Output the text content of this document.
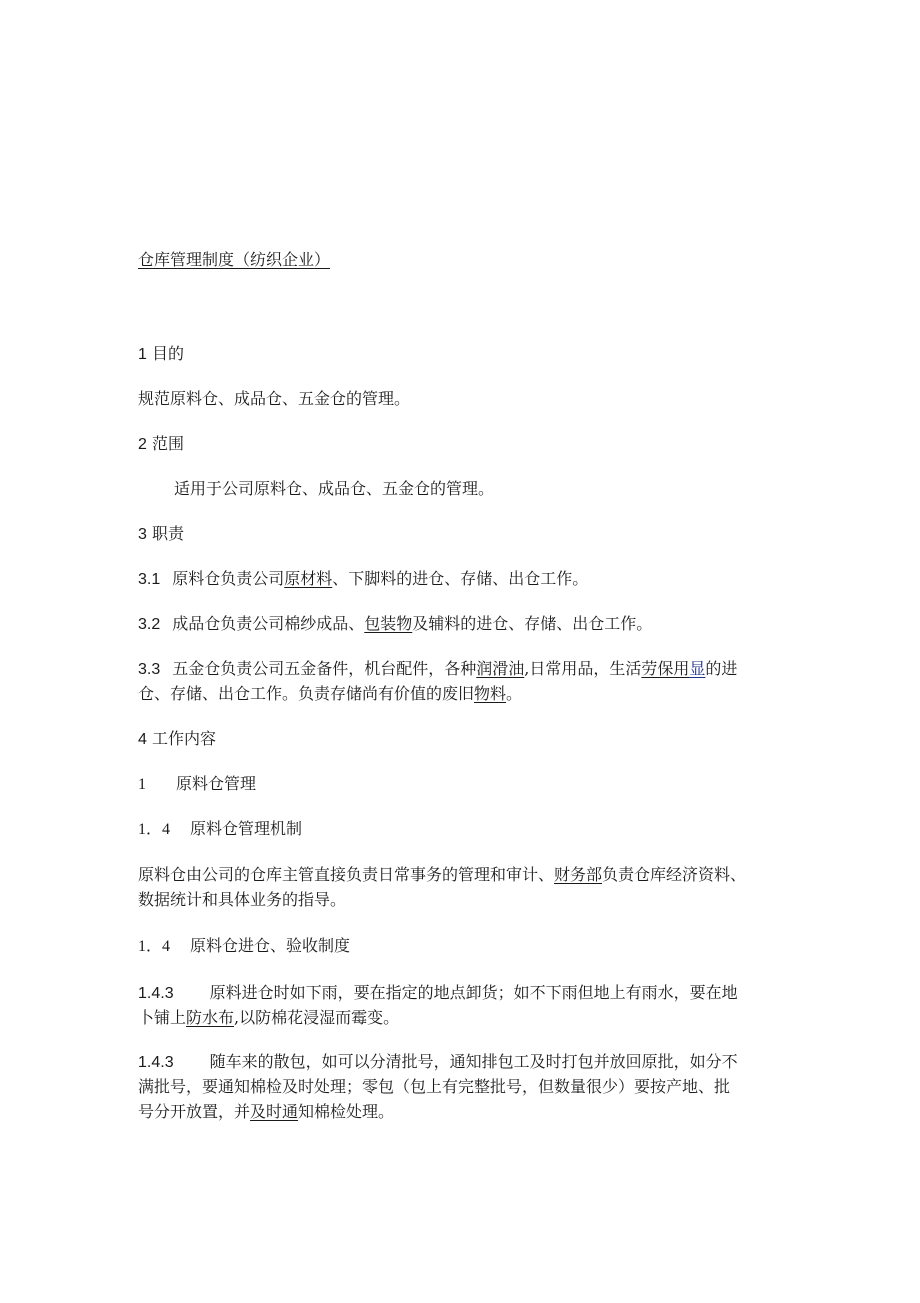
仓库管理制度（纺织企业）
1 目的
规范原料仓、成品仓、五金仓的管理。
2 范围
适用于公司原料仓、成品仓、五金仓的管理。
3 职责
3.1 原料仓负责公司原材料、下脚料的进仓、存储、出仓工作。
3.2 成品仓负责公司棉纱成品、包装物及辅料的进仓、存储、出仓工作。
3.3 五金仓负责公司五金备件，机台配件，各种润滑油,日常用品，生活劳保用显的进
仓、存储、出仓工作。负责存储尚有价值的废旧物料。
4 工作内容
1 原料仓管理
1．4 原料仓管理机制
原料仓由公司的仓库主管直接负责日常事务的管理和审计、财务部负责仓库经济资料、
数据统计和具体业务的指导。
1．4 原料仓进仓、验收制度
1.4.3 原料进仓时如下雨，要在指定的地点卸货；如不下雨但地上有雨水，要在地
卜铺上防水布,以防棉花浸湿而霉变。
1.4.3 随车来的散包，如可以分清批号，通知排包工及时打包并放回原批，如分不
满批号，要通知棉检及时处理；零包（包上有完整批号，但数量很少）要按产地、批
号分开放置，并及时通知棉检处理。
